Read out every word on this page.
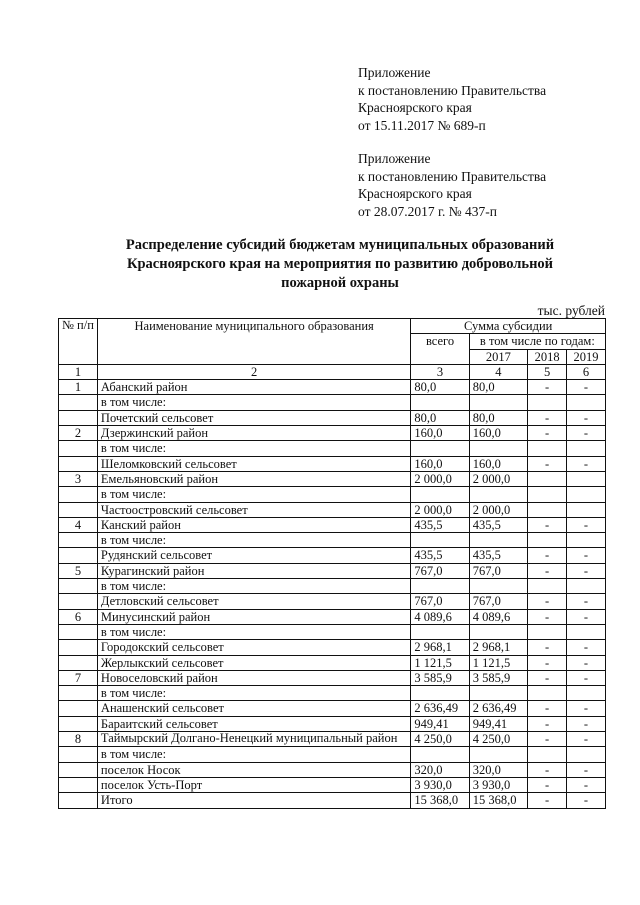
Приложение
к постановлению Правительства
Красноярского края
от 15.11.2017 № 689-п
Приложение
к постановлению Правительства
Красноярского края
от 28.07.2017 г. № 437-п
Распределение субсидий бюджетам муниципальных образований
Красноярского края на мероприятия по развитию добровольной
пожарной охраны
тыс. рублей
№ п/п	Наименование муниципального образования	Сумма субсидии			
		всего	в том числе по годам:		
			2017	2018	2019
1	2	3	4	5	6
1	Абанский район	80,0	80,0	-	-
	в том числе:				
	Почетский сельсовет	80,0	80,0	-	-
2	Дзержинский район	160,0	160,0	-	-
	в том числе:				
	Шеломковский сельсовет	160,0	160,0	-	-
3	Емельяновский район	2 000,0	2 000,0		
	в том числе:				
	Частоостровский сельсовет	2 000,0	2 000,0		
4	Канский район	435,5	435,5	-	-
	в том числе:				
	Рудянский сельсовет	435,5	435,5	-	-
5	Курагинский район	767,0	767,0	-	-
	в том числе:				
	Детловский сельсовет	767,0	767,0	-	-
6	Минусинский район	4 089,6	4 089,6	-	-
	в том числе:				
	Городокский сельсовет	2 968,1	2 968,1	-	-
	Жерлыкский сельсовет	1 121,5	1 121,5	-	-
7	Новоселовский район	3 585,9	3 585,9	-	-
	в том числе:				
	Анашенский сельсовет	2 636,49	2 636,49	-	-
	Бараитский сельсовет	949,41	949,41	-	-
8	Таймырский Долгано-Ненецкий муниципальный район	4 250,0	4 250,0	-	-
	в том числе:				
	поселок Носок	320,0	320,0	-	-
	поселок Усть-Порт	3 930,0	3 930,0	-	-
	Итого	15 368,0	15 368,0	-	-
